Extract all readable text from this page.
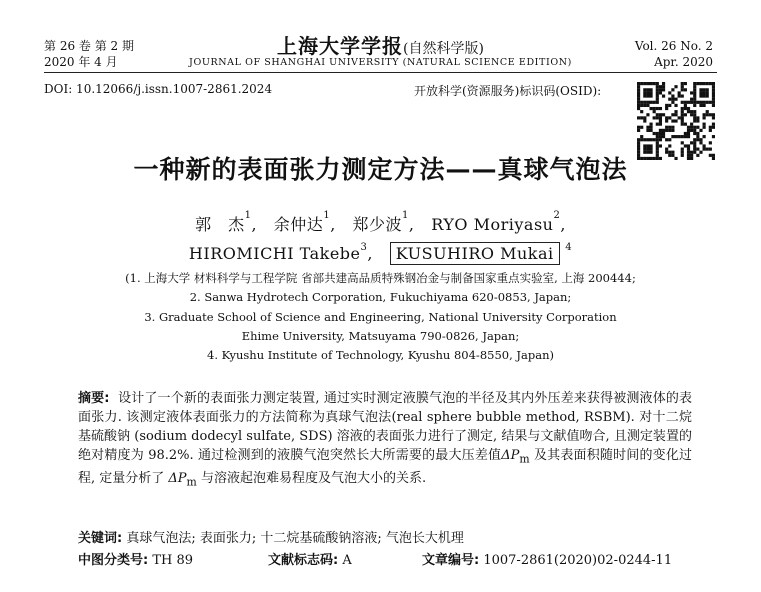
第 26 卷 第 2 期
2020 年 4 月
上海大学学报(自然科学版)
JOURNAL OF SHANGHAI UNIVERSITY (NATURAL SCIENCE EDITION)
Vol. 26 No. 2
Apr. 2020
DOI: 10.12066/j.issn.1007-2861.2024	开放科学(资源服务)标识码(OSID):
一种新的表面张力测定方法——真球气泡法
郭　杰$^1$,   余仲达$^1$,   郑少波$^1$,   RYO Moriyasu$^2$,
HIROMICHI Takebe$^3$,   KUSUHIRO Mukai $^4$
(1. 上海大学 材料科学与工程学院 省部共建高品质特殊钢冶金与制备国家重点实验室, 上海 200444;
2. Sanwa Hydrotech Corporation, Fukuchiyama 620-0853, Japan;
3. Graduate School of Science and Engineering, National University Corporation
Ehime University, Matsuyama 790-0826, Japan;
4. Kyushu Institute of Technology, Kyushu 804-8550, Japan)
摘要: 设计了一个新的表面张力测定装置, 通过实时测定液膜气泡的半径及其内外压差来获得被测液体的表面张力. 该测定液体表面张力的方法简称为真球气泡法(real sphere bubble method, RSBM). 对十二烷基硫酸钠 (sodium dodecyl sulfate, SDS) 溶液的表面张力进行了测定, 结果与文献值吻合, 且测定装置的绝对精度为 98.2%. 通过检测到的液膜气泡突然长大所需要的最大压差值$\Delta P_m$ 及其表面积随时间的变化过程, 定量分析了 $\Delta P_m$ 与溶液起泡难易程度及气泡大小的关系.
关键词: 真球气泡法; 表面张力; 十二烷基硫酸钠溶液; 气泡长大机理
中图分类号: TH 89	文献标志码: A	文章编号: 1007-2861(2020)02-0244-11
